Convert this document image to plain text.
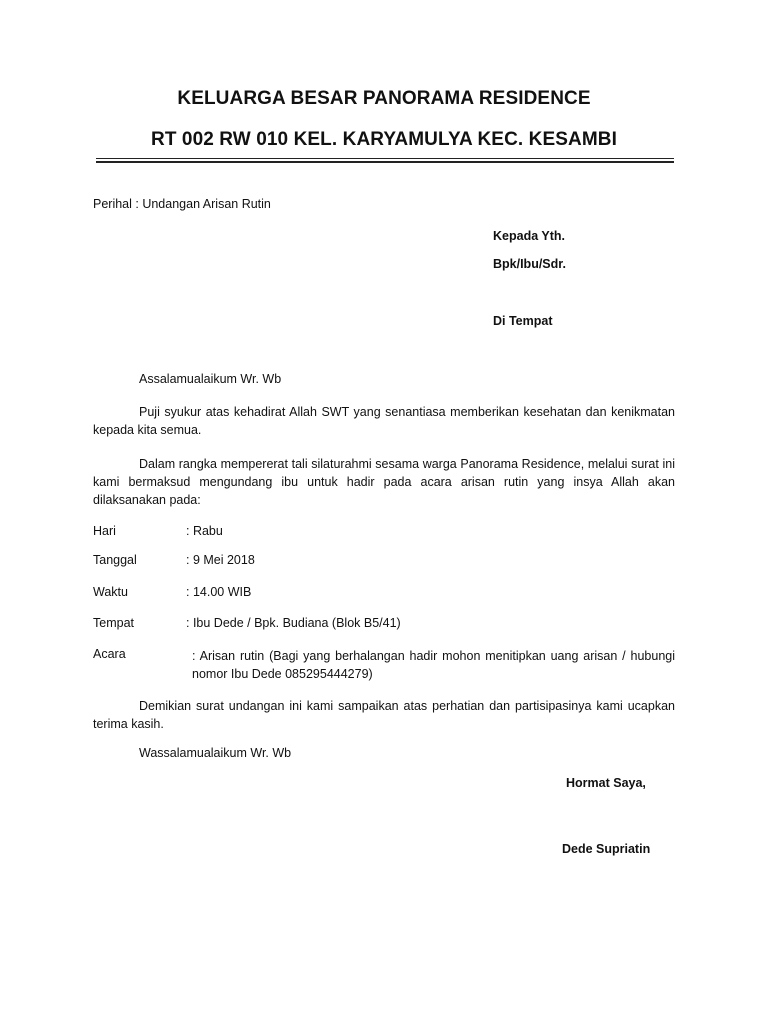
KELUARGA BESAR PANORAMA RESIDENCE
RT 002 RW 010 KEL. KARYAMULYA KEC. KESAMBI
Perihal : Undangan Arisan Rutin
Kepada Yth.
Bpk/Ibu/Sdr.
Di Tempat
Assalamualaikum Wr. Wb
Puji syukur atas kehadirat Allah SWT yang senantiasa memberikan kesehatan dan kenikmatan kepada kita semua.
Dalam rangka mempererat tali silaturahmi sesama warga Panorama Residence, melalui surat ini kami bermaksud mengundang ibu untuk hadir pada acara arisan rutin yang insya Allah akan dilaksanakan pada:
Hari	: Rabu
Tanggal	: 9 Mei 2018
Waktu	: 14.00 WIB
Tempat	: Ibu Dede / Bpk. Budiana (Blok B5/41)
Acara	: Arisan rutin (Bagi yang berhalangan hadir mohon menitipkan uang arisan / hubungi nomor Ibu Dede 085295444279)
Demikian surat undangan ini kami sampaikan atas perhatian dan partisipasinya kami ucapkan terima kasih.
Wassalamualaikum Wr. Wb
Hormat Saya,
Dede Supriatin
